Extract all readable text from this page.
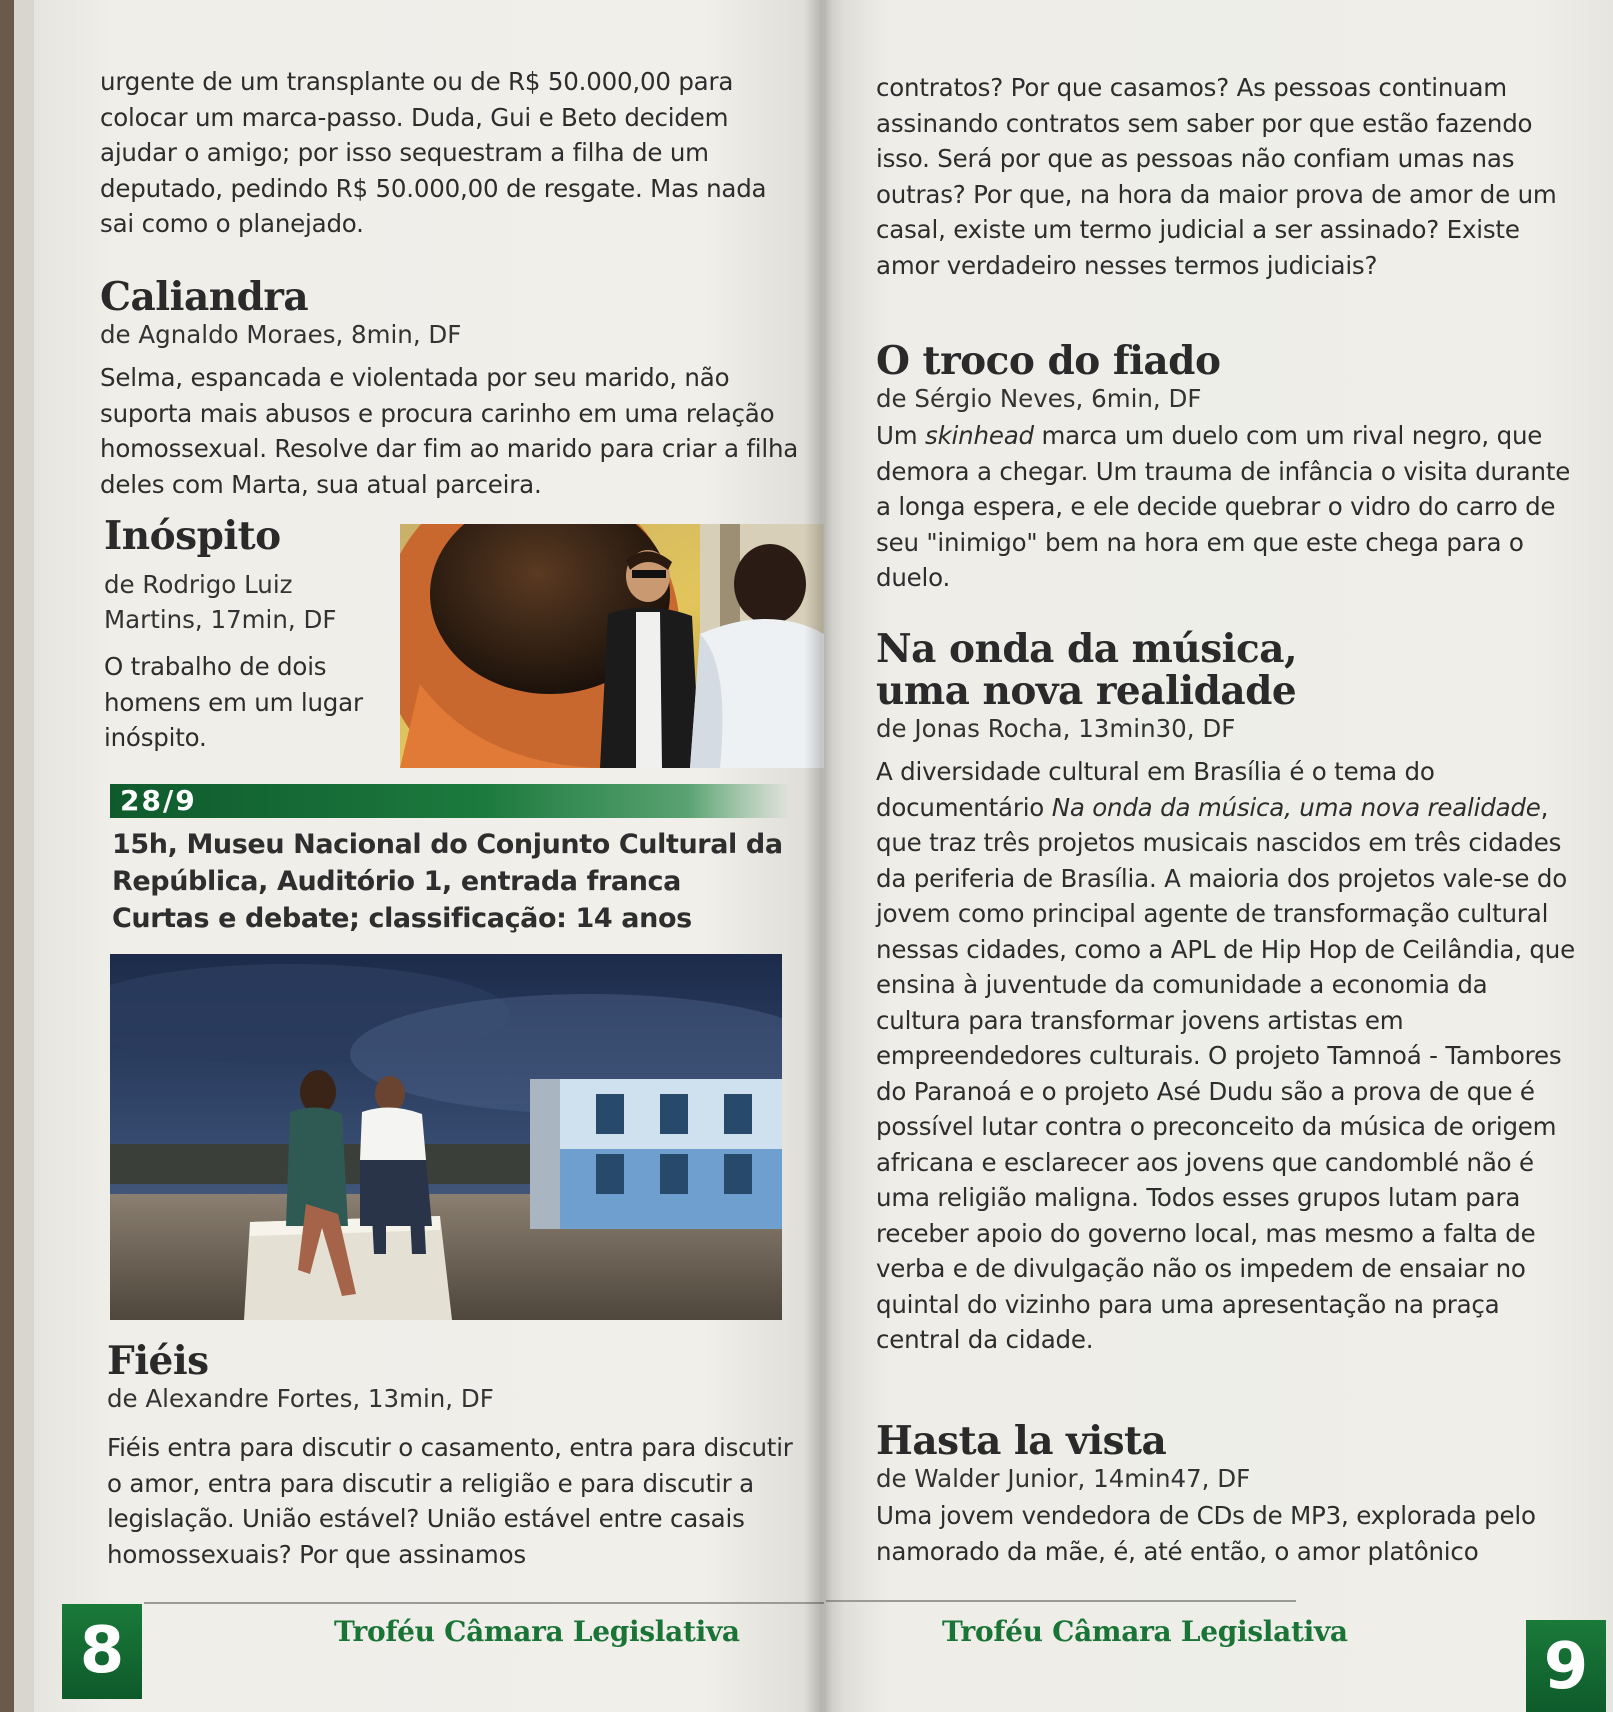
urgente de um transplante ou de R$ 50.000,00 para colocar um marca-passo. Duda, Gui e Beto decidem ajudar o amigo; por isso sequestram a filha de um deputado, pedindo R$ 50.000,00 de resgate. Mas nada sai como o planejado.

Caliandra
de Agnaldo Moraes, 8min, DF

Selma, espancada e violentada por seu marido, não suporta mais abusos e procura carinho em uma relação homossexual. Resolve dar fim ao marido para criar a filha deles com Marta, sua atual parceira.

Inóspito
de Rodrigo Luiz Martins, 17min, DF

O trabalho de dois homens em um lugar inóspito.

28/9
15h, Museu Nacional do Conjunto Cultural da República, Auditório 1, entrada franca
Curtas e debate; classificação: 14 anos
Fiéis
de Alexandre Fortes, 13min, DF

Fiéis entra para discutir o casamento, entra para discutir o amor, entra para discutir a religião e para discutir a legislação. União estável? União estável entre casais homossexuais? Por que assinamos

8	Troféu Câmara Legislativa

contratos? Por que casamos? As pessoas continuam assinando contratos sem saber por que estão fazendo isso. Será por que as pessoas não confiam umas nas outras? Por que, na hora da maior prova de amor de um casal, existe um termo judicial a ser assinado? Existe amor verdadeiro nesses termos judiciais?

O troco do fiado
de Sérgio Neves, 6min, DF

Um skinhead marca um duelo com um rival negro, que demora a chegar. Um trauma de infância o visita durante a longa espera, e ele decide quebrar o vidro do carro de seu "inimigo" bem na hora em que este chega para o duelo.

Na onda da música,
uma nova realidade
de Jonas Rocha, 13min30, DF

A diversidade cultural em Brasília é o tema do documentário Na onda da música, uma nova realidade, que traz três projetos musicais nascidos em três cidades da periferia de Brasília. A maioria dos projetos vale-se do jovem como principal agente de transformação cultural nessas cidades, como a APL de Hip Hop de Ceilândia, que ensina à juventude da comunidade a economia da cultura para transformar jovens artistas em empreendedores culturais. O projeto Tamnoá - Tambores do Paranoá e o projeto Asé Dudu são a prova de que é possível lutar contra o preconceito da música de origem africana e esclarecer aos jovens que candomblé não é uma religião maligna. Todos esses grupos lutam para receber apoio do governo local, mas mesmo a falta de verba e de divulgação não os impedem de ensaiar no quintal do vizinho para uma apresentação na praça central da cidade.

Hasta la vista
de Walder Junior, 14min47, DF

Uma jovem vendedora de CDs de MP3, explorada pelo namorado da mãe, é, até então, o amor platônico

Troféu Câmara Legislativa	9
